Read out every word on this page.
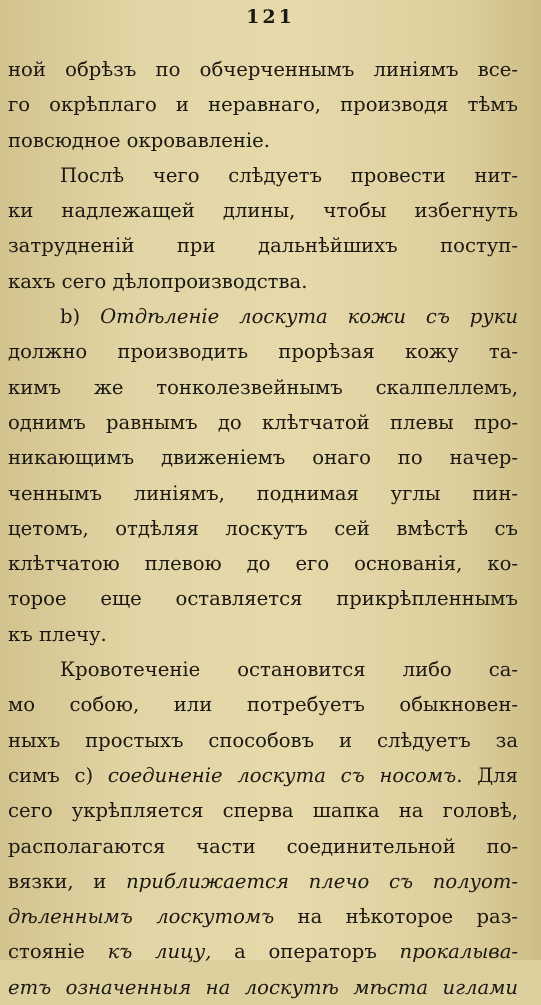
121
ной обрѣзъ по обчерченнымъ линіямъ все-
го окрѣплаго и неравнаго, производя тѣмъ
повсюдное окровавленіе.
Послѣ чего слѣдуетъ провести нит-
ки надлежащей длины, чтобы избегнуть
затрудненій при дальнѣйшихъ поступ-
кахъ сего дѣлопроизводства.
b) Отдѣленіе лоскута кожи съ руки
должно производить прорѣзая кожу та-
кимъ же тонколезвейнымъ скалпеллемъ,
однимъ равнымъ до клѣтчатой плевы про-
никающимъ движеніемъ онаго по начер-
ченнымъ линіямъ, поднимая углы пин-
цетомъ, отдѣляя лоскутъ сей вмѣстѣ съ
клѣтчатою плевою до его основанія, ко-
торое еще оставляется прикрѣпленнымъ
къ плечу.
Кровотеченіе остановится либо са-
мо собою, или потребуетъ обыкновен-
ныхъ простыхъ способовъ и слѣдуетъ за
симъ c) соединеніе лоскута съ носомъ. Для
сего укрѣпляется сперва шапка на головѣ,
располагаются части соединительной по-
вязки, и приближается плечо съ полуот-
дѣленнымъ лоскутомъ на нѣкоторое раз-
стояніе къ лицу, а операторъ прокалыва-
етъ означенныя на лоскутѣ мѣста иглами
